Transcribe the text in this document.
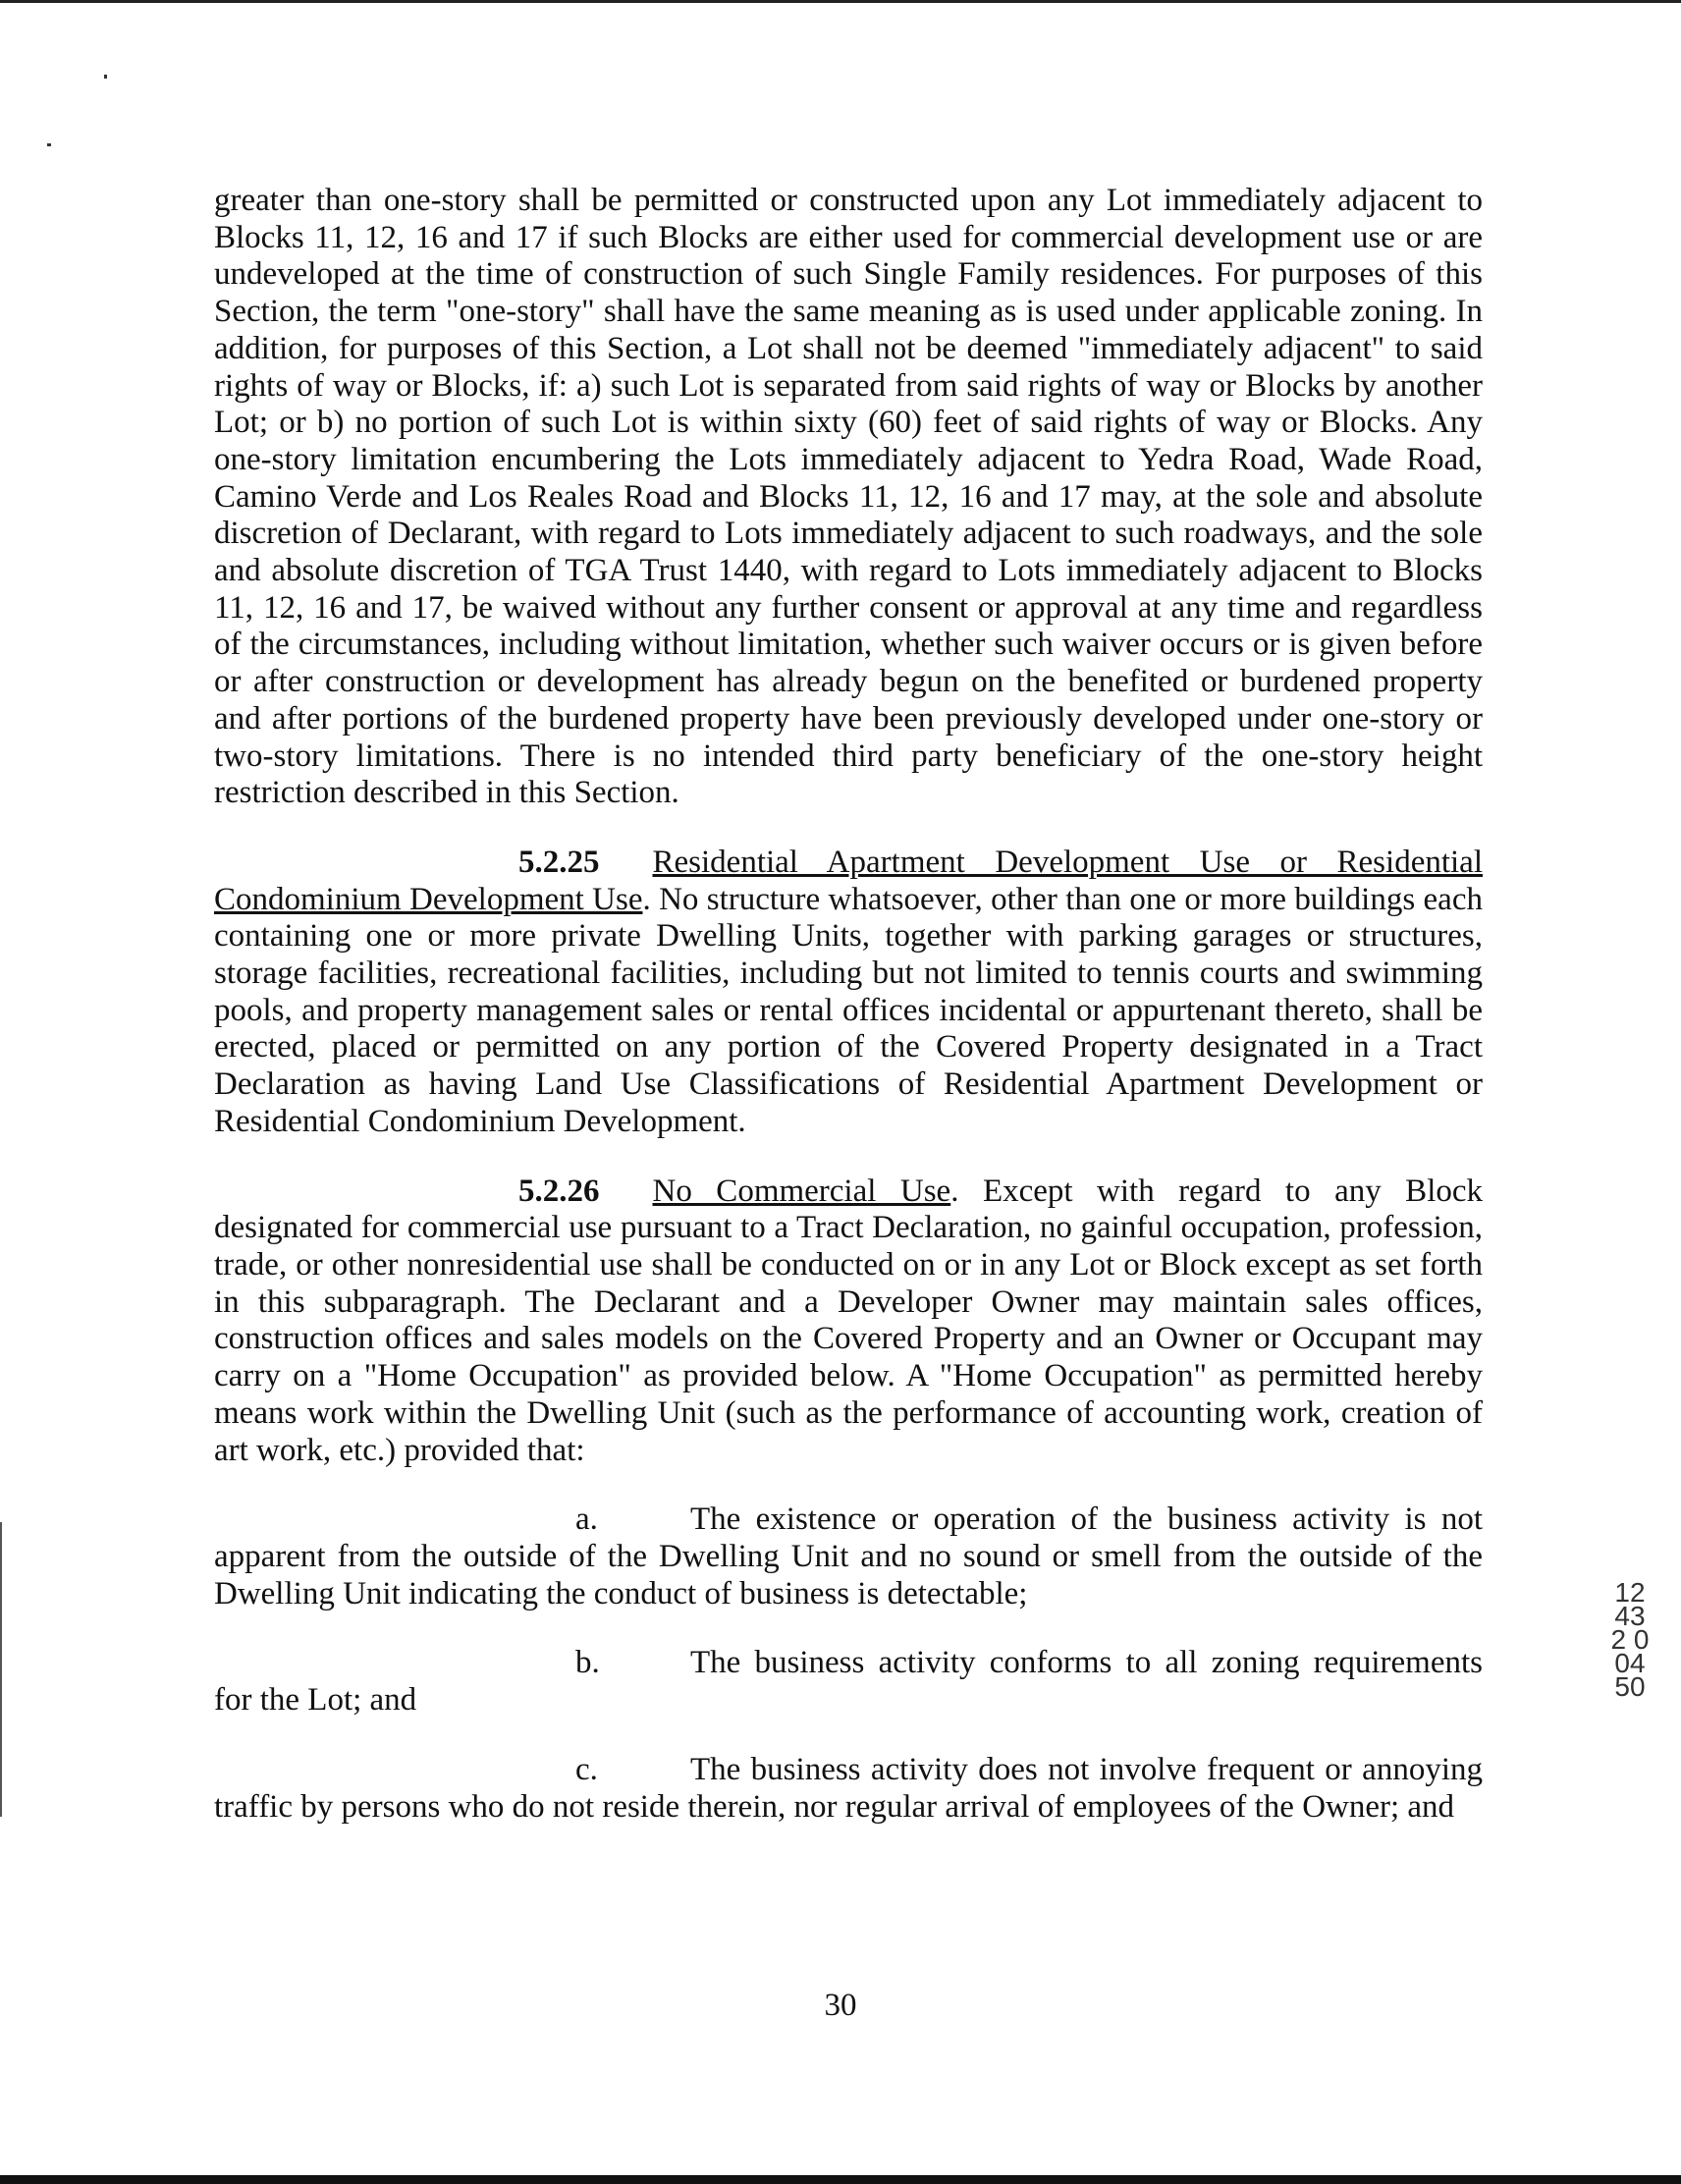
greater than one-story shall be permitted or constructed upon any Lot immediately adjacent to Blocks 11, 12, 16 and 17 if such Blocks are either used for commercial development use or are undeveloped at the time of construction of such Single Family residences. For purposes of this Section, the term "one-story" shall have the same meaning as is used under applicable zoning. In addition, for purposes of this Section, a Lot shall not be deemed "immediately adjacent" to said rights of way or Blocks, if: a) such Lot is separated from said rights of way or Blocks by another Lot; or b) no portion of such Lot is within sixty (60) feet of said rights of way or Blocks. Any one-story limitation encumbering the Lots immediately adjacent to Yedra Road, Wade Road, Camino Verde and Los Reales Road and Blocks 11, 12, 16 and 17 may, at the sole and absolute discretion of Declarant, with regard to Lots immediately adjacent to such roadways, and the sole and absolute discretion of TGA Trust 1440, with regard to Lots immediately adjacent to Blocks 11, 12, 16 and 17, be waived without any further consent or approval at any time and regardless of the circumstances, including without limitation, whether such waiver occurs or is given before or after construction or development has already begun on the benefited or burdened property and after portions of the burdened property have been previously developed under one-story or two-story limitations. There is no intended third party beneficiary of the one-story height restriction described in this Section.

5.2.25 Residential Apartment Development Use or Residential Condominium Development Use. No structure whatsoever, other than one or more buildings each containing one or more private Dwelling Units, together with parking garages or structures, storage facilities, recreational facilities, including but not limited to tennis courts and swimming pools, and property management sales or rental offices incidental or appurtenant thereto, shall be erected, placed or permitted on any portion of the Covered Property designated in a Tract Declaration as having Land Use Classifications of Residential Apartment Development or Residential Condominium Development.

5.2.26 No Commercial Use. Except with regard to any Block designated for commercial use pursuant to a Tract Declaration, no gainful occupation, profession, trade, or other nonresidential use shall be conducted on or in any Lot or Block except as set forth in this subparagraph. The Declarant and a Developer Owner may maintain sales offices, construction offices and sales models on the Covered Property and an Owner or Occupant may carry on a "Home Occupation" as provided below. A "Home Occupation" as permitted hereby means work within the Dwelling Unit (such as the performance of accounting work, creation of art work, etc.) provided that:

a.	The existence or operation of the business activity is not apparent from the outside of the Dwelling Unit and no sound or smell from the outside of the Dwelling Unit indicating the conduct of business is detectable;

b.	The business activity conforms to all zoning requirements
for the Lot; and

c.	The business activity does not involve frequent or annoying traffic by persons who do not reside therein, nor regular arrival of employees of the Owner; and

30
12432 00450
